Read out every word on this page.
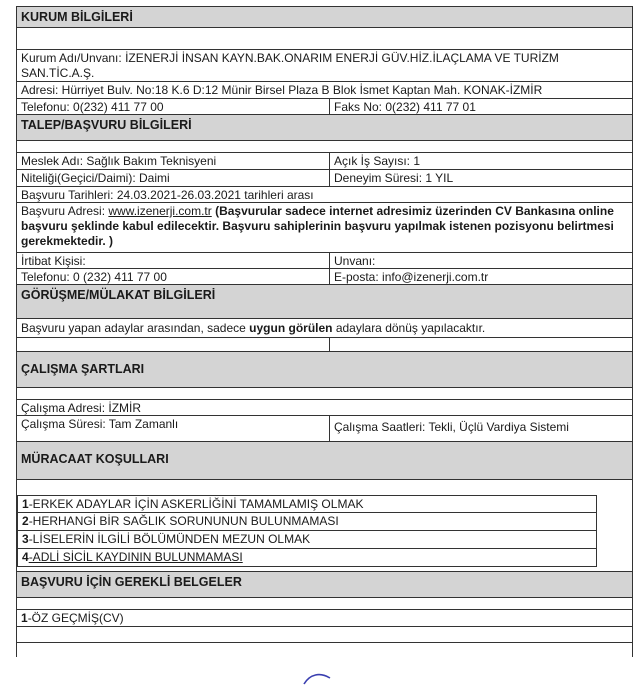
KURUM BİLGİLERİ
Kurum Adı/Unvanı: İZENERJİ İNSAN KAYN.BAK.ONARIM ENERJİ GÜV.HİZ.İLAÇLAMA VE TURİZM SAN.TİC.A.Ş.
Adresi: Hürriyet Bulv. No:18 K.6 D:12 Münir Birsel Plaza B Blok İsmet Kaptan Mah. KONAK-İZMİR
Telefonu: 0(232) 411 77 00	Faks No: 0(232) 411 77 01
TALEP/BAŞVURU BİLGİLERİ
Meslek Adı: Sağlık Bakım Teknisyeni	Açık İş Sayısı: 1
Niteliği(Geçici/Daimi): Daimi	Deneyim Süresi: 1 YIL
Başvuru Tarihleri: 24.03.2021-26.03.2021 tarihleri arası
Başvuru Adresi: www.izenerji.com.tr (Başvurular sadece internet adresimiz üzerinden CV Bankasına online başvuru şeklinde kabul edilecektir. Başvuru sahiplerinin başvuru yapılmak istenen pozisyonu belirtmesi gerekmektedir. )
İrtibat Kişisi:	Unvanı:
Telefonu: 0 (232) 411 77 00	E-posta: info@izenerji.com.tr
GÖRÜŞME/MÜLAKAT BİLGİLERİ
Başvuru yapan adaylar arasından, sadece uygun görülen adaylara dönüş yapılacaktır.
ÇALIŞMA ŞARTLARI
Çalışma Adresi: İZMİR
Çalışma Süresi: Tam Zamanlı	Çalışma Saatleri: Tekli, Üçlü Vardiya Sistemi
MÜRACAAT KOŞULLARI
1-ERKEK ADAYLAR İÇİN ASKERLİĞİNİ TAMAMLAMIŞ OLMAK
2-HERHANGİ BİR SAĞLIK SORUNUNUN BULUNMAMASI
3-LİSELERİN İLGİLİ BÖLÜMÜNDEN MEZUN OLMAK
4-ADLİ SİCİL KAYDININ BULUNMAMASI
BAŞVURU İÇİN GEREKLİ BELGELER
1-ÖZ GEÇMİŞ(CV)
